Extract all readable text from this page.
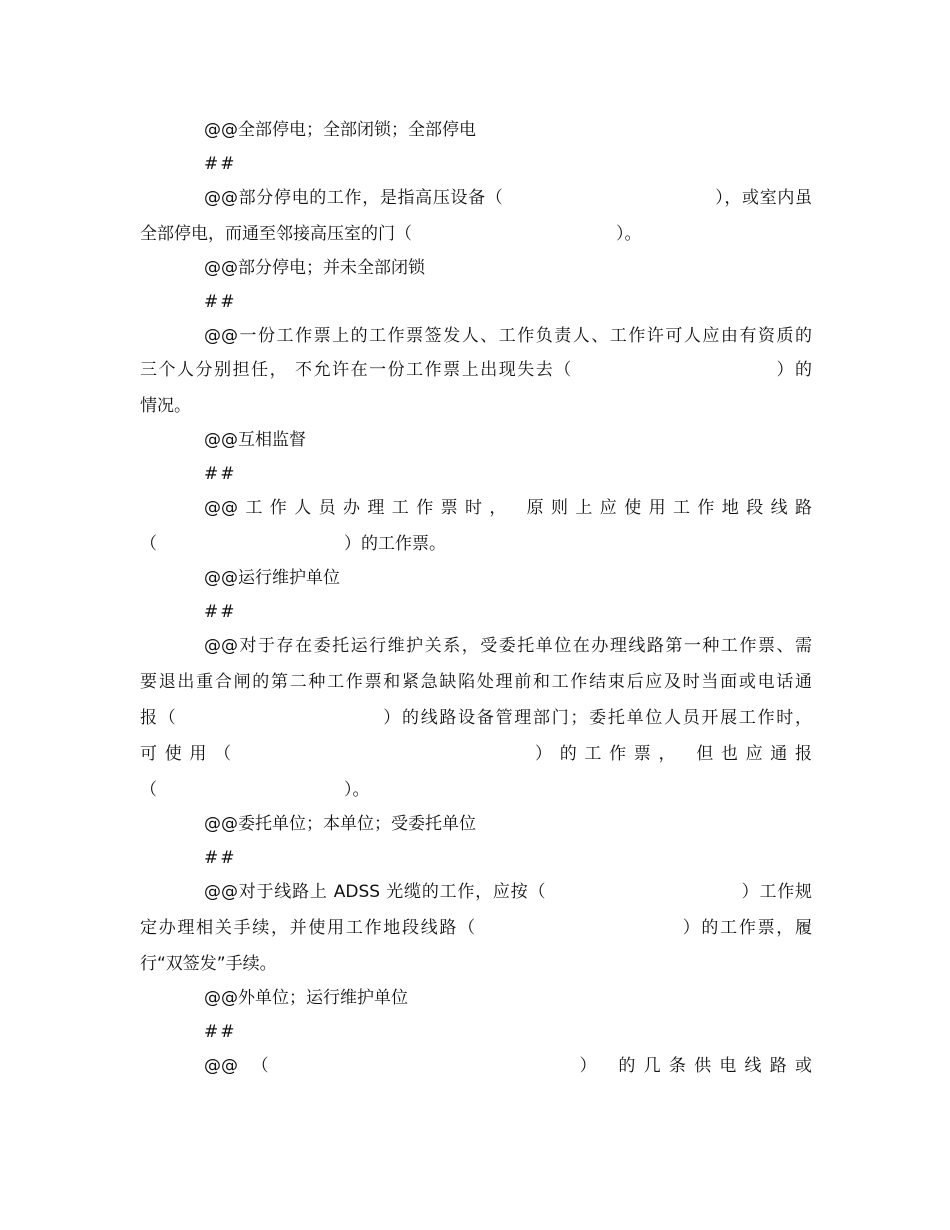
@@全部停电；全部闭锁；全部停电
##
@@部分停电的工作，是指高压设备（　　　　　　　　　　　　），或室内虽
全部停电，而通至邻接高压室的门（　　　　　　　　　　　　）。
@@部分停电；并未全部闭锁
##
@@一份工作票上的工作票签发人、工作负责人、工作许可人应由有资质的
三个人分别担任， 不允许在一份工作票上出现失去（　　　　　　　　　　　）的
情况。
@@互相监督
##
@@工作人员办理工作票时， 原则上应使用工作地段线路
（　　　　　　　　　　　）的工作票。
@@运行维护单位
##
@@对于存在委托运行维护关系，受委托单位在办理线路第一种工作票、需
要退出重合闸的第二种工作票和紧急缺陷处理前和工作结束后应及时当面或电话通
报（　　　　　　　　　　　）的线路设备管理部门；委托单位人员开展工作时，
可使用（　　　　　　　　　　　　）的工作票， 但也应通报
（　　　　　　　　　　　）。
@@委托单位；本单位；受委托单位
##
@@对于线路上 ADSS 光缆的工作，应按（　　　　　　　　　　　）工作规
定办理相关手续，并使用工作地段线路（　　　　　　　　　　　）的工作票，履
行“双签发”手续。
@@外单位；运行维护单位
##
@@ （　　　　　　　　　　　　） 的几条供电线路或
